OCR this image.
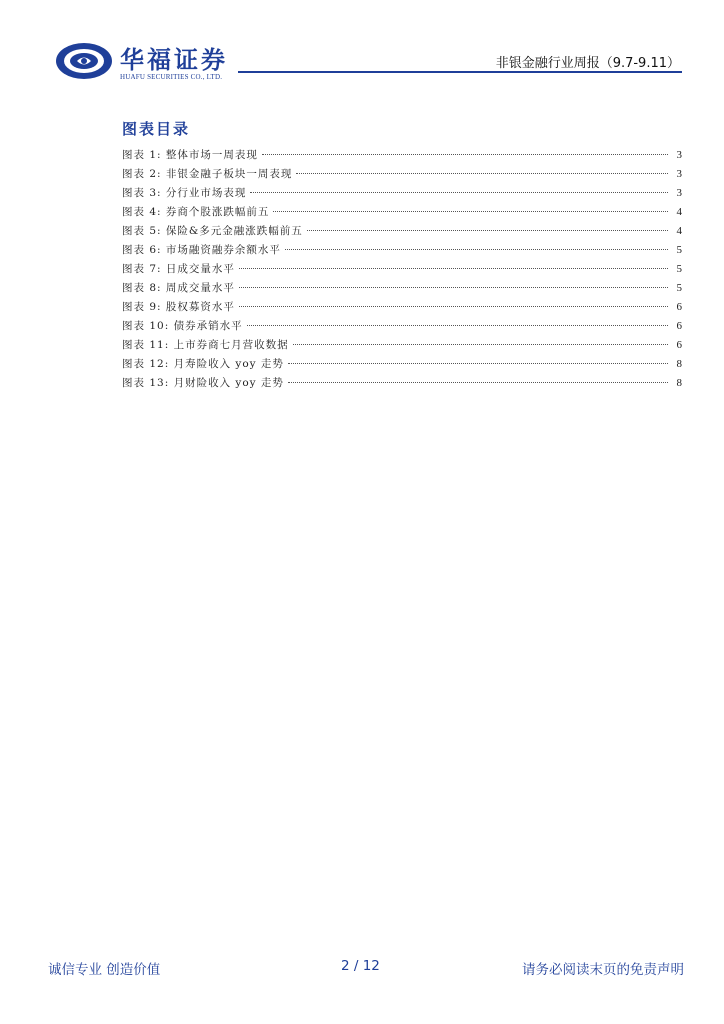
华福证券
HUAFU SECURITIES CO., LTD.
非银金融行业周报（9.7-9.11）
图表目录
图表 1: 整体市场一周表现	3
图表 2: 非银金融子板块一周表现	3
图表 3: 分行业市场表现	3
图表 4: 券商个股涨跌幅前五	4
图表 5: 保险&多元金融涨跌幅前五	4
图表 6: 市场融资融券余额水平	5
图表 7: 日成交量水平	5
图表 8: 周成交量水平	5
图表 9: 股权募资水平	6
图表 10: 债券承销水平	6
图表 11: 上市券商七月营收数据	6
图表 12: 月寿险收入 yoy 走势	8
图表 13: 月财险收入 yoy 走势	8
诚信专业 创造价值	2 / 12	请务必阅读末页的免责声明
